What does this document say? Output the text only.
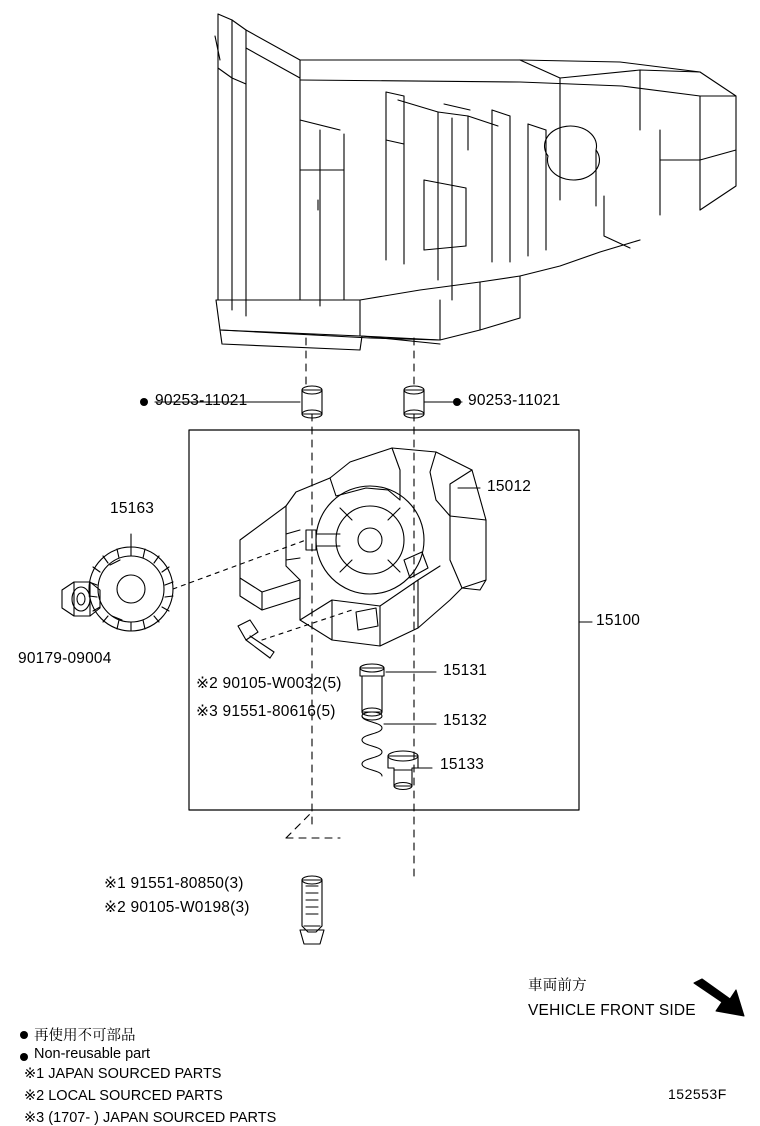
90253-11021	90253-11021
15012
15163
90179-09004
15100
15131
15132
15133
※2 90105-W0032(5)
※3 91551-80616(5)
※1 91551-80850(3)
※2 90105-W0198(3)
車両前方
VEHICLE FRONT SIDE
再使用不可部品
Non-reusable part
※1 JAPAN SOURCED PARTS
※2 LOCAL SOURCED PARTS
※3 (1707- ) JAPAN SOURCED PARTS
152553F
